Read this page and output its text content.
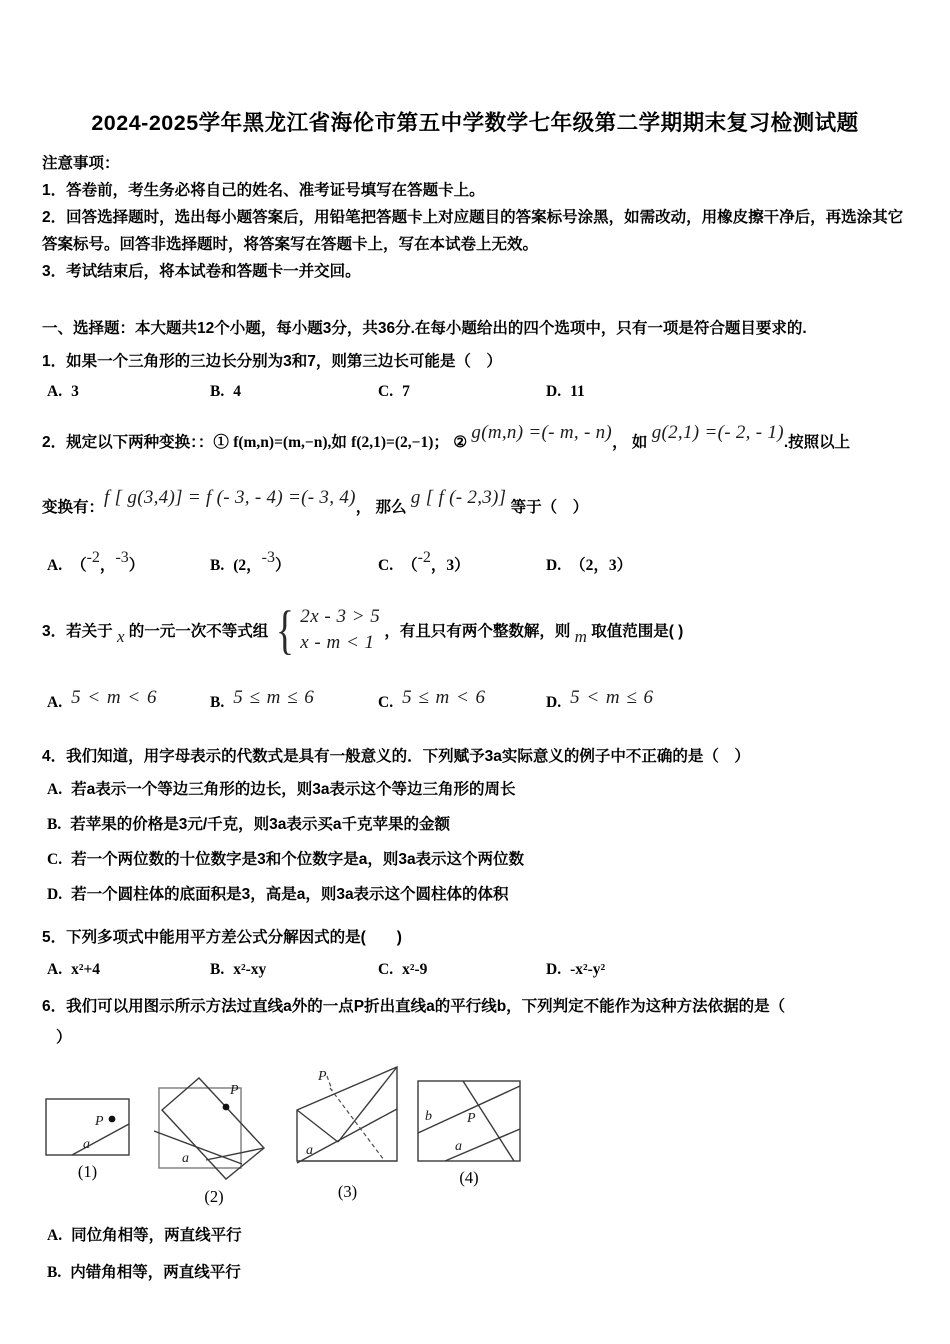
2024-2025学年黑龙江省海伦市第五中学数学七年级第二学期期末复习检测试题
注意事项：
1．答卷前，考生务必将自己的姓名、准考证号填写在答题卡上。
2．回答选择题时，选出每小题答案后，用铅笔把答题卡上对应题目的答案标号涂黑，如需改动，用橡皮擦干净后，再选涂其它答案标号。回答非选择题时，将答案写在答题卡上，写在本试卷上无效。
3．考试结束后，将本试卷和答题卡一并交回。
一、选择题：本大题共12个小题，每小题3分，共36分.在每小题给出的四个选项中，只有一项是符合题目要求的.
1．如果一个三角形的三边长分别为3和7，则第三边长可能是（　）
A. 3	B. 4	C. 7	D. 11
2．规定以下两种变换：：① f(m,n)=(m,−n),如 f(2,1)=(2,−1)； ② g(m,n) =(- m, - n)， 如 g(2,1) =(- 2, - 1).按照以上
变换有：f [ g(3,4)] = f (- 3, - 4) =(- 3, 4)， 那么 g [ f (- 2,3)] 等于（　）
A. （-2，-3）	B. (2，-3）	C. （-2，3）	D. （2，3）
3．若关于 x 的一元一次不等式组 { 2x - 3 > 5
x - m < 1
，有且只有两个整数解，则 m 取值范围是( )
A. 5 < m < 6	B. 5 ≤ m ≤ 6	C. 5 ≤ m < 6	D. 5 < m ≤ 6
4．我们知道，用字母表示的代数式是具有一般意义的．下列赋予3a实际意义的例子中不正确的是（　）
A. 若a表示一个等边三角形的边长，则3a表示这个等边三角形的周长
B. 若苹果的价格是3元/千克，则3a表示买a千克苹果的金额
C. 若一个两位数的十位数字是3和个位数字是a，则3a表示这个两位数
D. 若一个圆柱体的底面积是3，高是a，则3a表示这个圆柱体的体积
5．下列多项式中能用平方差公式分解因式的是(　　)
A. x²+4	B. x²-xy	C. x²-9	D. -x²-y²
6．我们可以用图示所示方法过直线a外的一点P折出直线a的平行线b，下列判定不能作为这种方法依据的是（
）
P
a
(1)
P
a
(2)
P
a
(3)
b	P
a
(4)
A. 同位角相等，两直线平行
B. 内错角相等，两直线平行
